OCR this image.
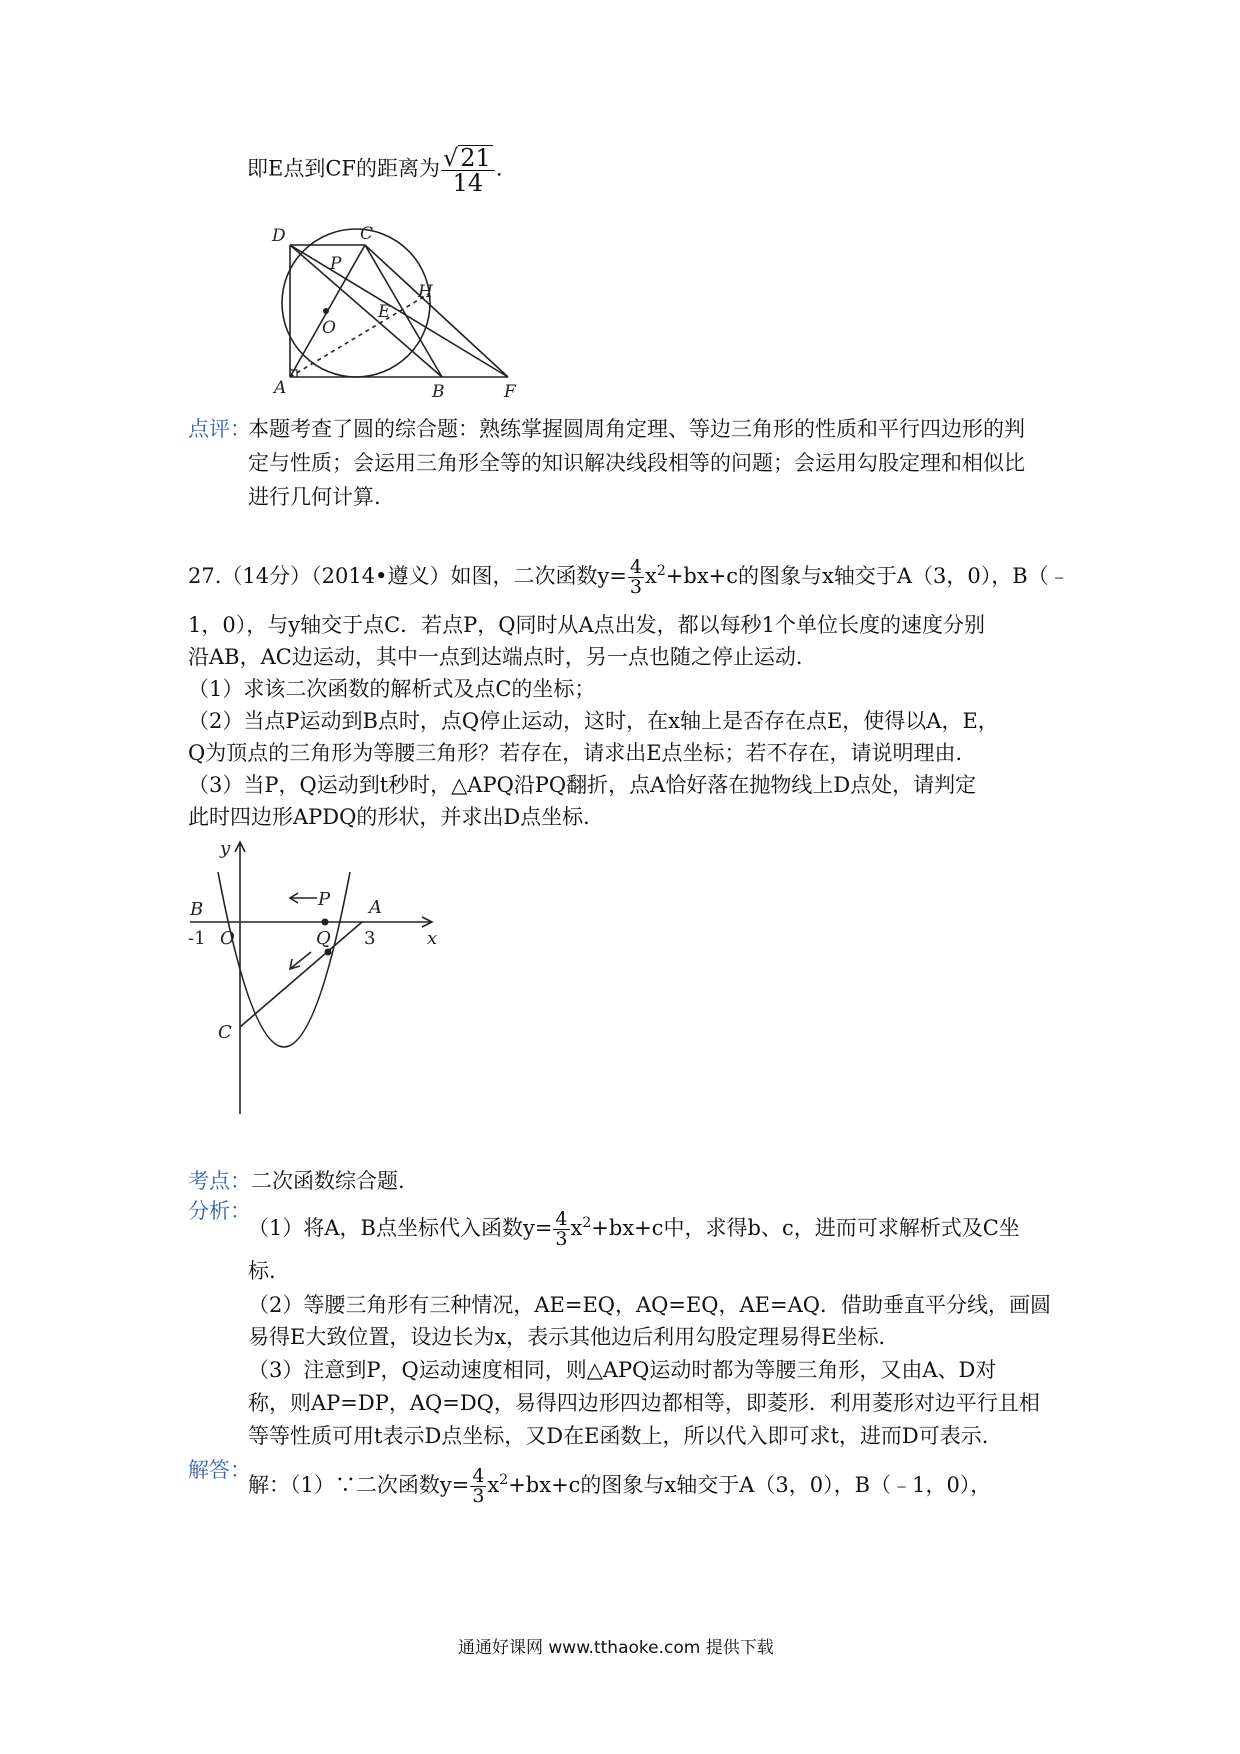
即E点到CF的距离为 $\frac{√21}{14}$ .
D	C
P
H
O
E
A	B	F
点评：
本题考查了圆的综合题：熟练掌握圆周角定理、等边三角形的性质和平行四边形的判
定与性质；会运用三角形全等的知识解决线段相等的问题；会运用勾股定理和相似比
进行几何计算.
27.（14分）（2014•遵义）如图，二次函数$y= \frac{4}{3} x^2+bx+c$的图象与x轴交于A（3，0），B（﹣
1，0），与y轴交于点C．若点P，Q同时从A点出发，都以每秒1个单位长度的速度分别
沿AB，AC边运动，其中一点到达端点时，另一点也随之停止运动．
（1）求该二次函数的解析式及点C的坐标；
（2）当点P运动到B点时，点Q停止运动，这时，在x轴上是否存在点E，使得以A，E，
Q为顶点的三角形为等腰三角形？若存在，请求出E点坐标；若不存在，请说明理由．
（3）当P，Q运动到t秒时，△APQ沿PQ翻折，点A恰好落在抛物线上D点处，请判定
此时四边形APDQ的形状，并求出D点坐标．
y
x
B	P A
-1 O	Q 3
C
考点：二次函数综合题.
分析：
（1）将A，B点坐标代入函数$y= \frac{4}{3} x^2+bx+c$中，求得b、c，进而可求解析式及C坐
标.
（2）等腰三角形有三种情况，AE=EQ，AQ=EQ，AE=AQ．借助垂直平分线，画圆
易得E大致位置，设边长为x，表示其他边后利用勾股定理易得E坐标．
（3）注意到P，Q运动速度相同，则△APQ运动时都为等腰三角形，又由A、D对
称，则AP=DP，AQ=DQ，易得四边形四边都相等，即菱形．利用菱形对边平行且相
等等性质可用t表示D点坐标，又D在E函数上，所以代入即可求t，进而D可表示.
解答：
解：（1）∵二次函数$y= \frac{4}{3} x^2+bx+c$的图象与x轴交于A（3，0），B（﹣1，0），
通通好课网 www.tthaoke.com 提供下载
